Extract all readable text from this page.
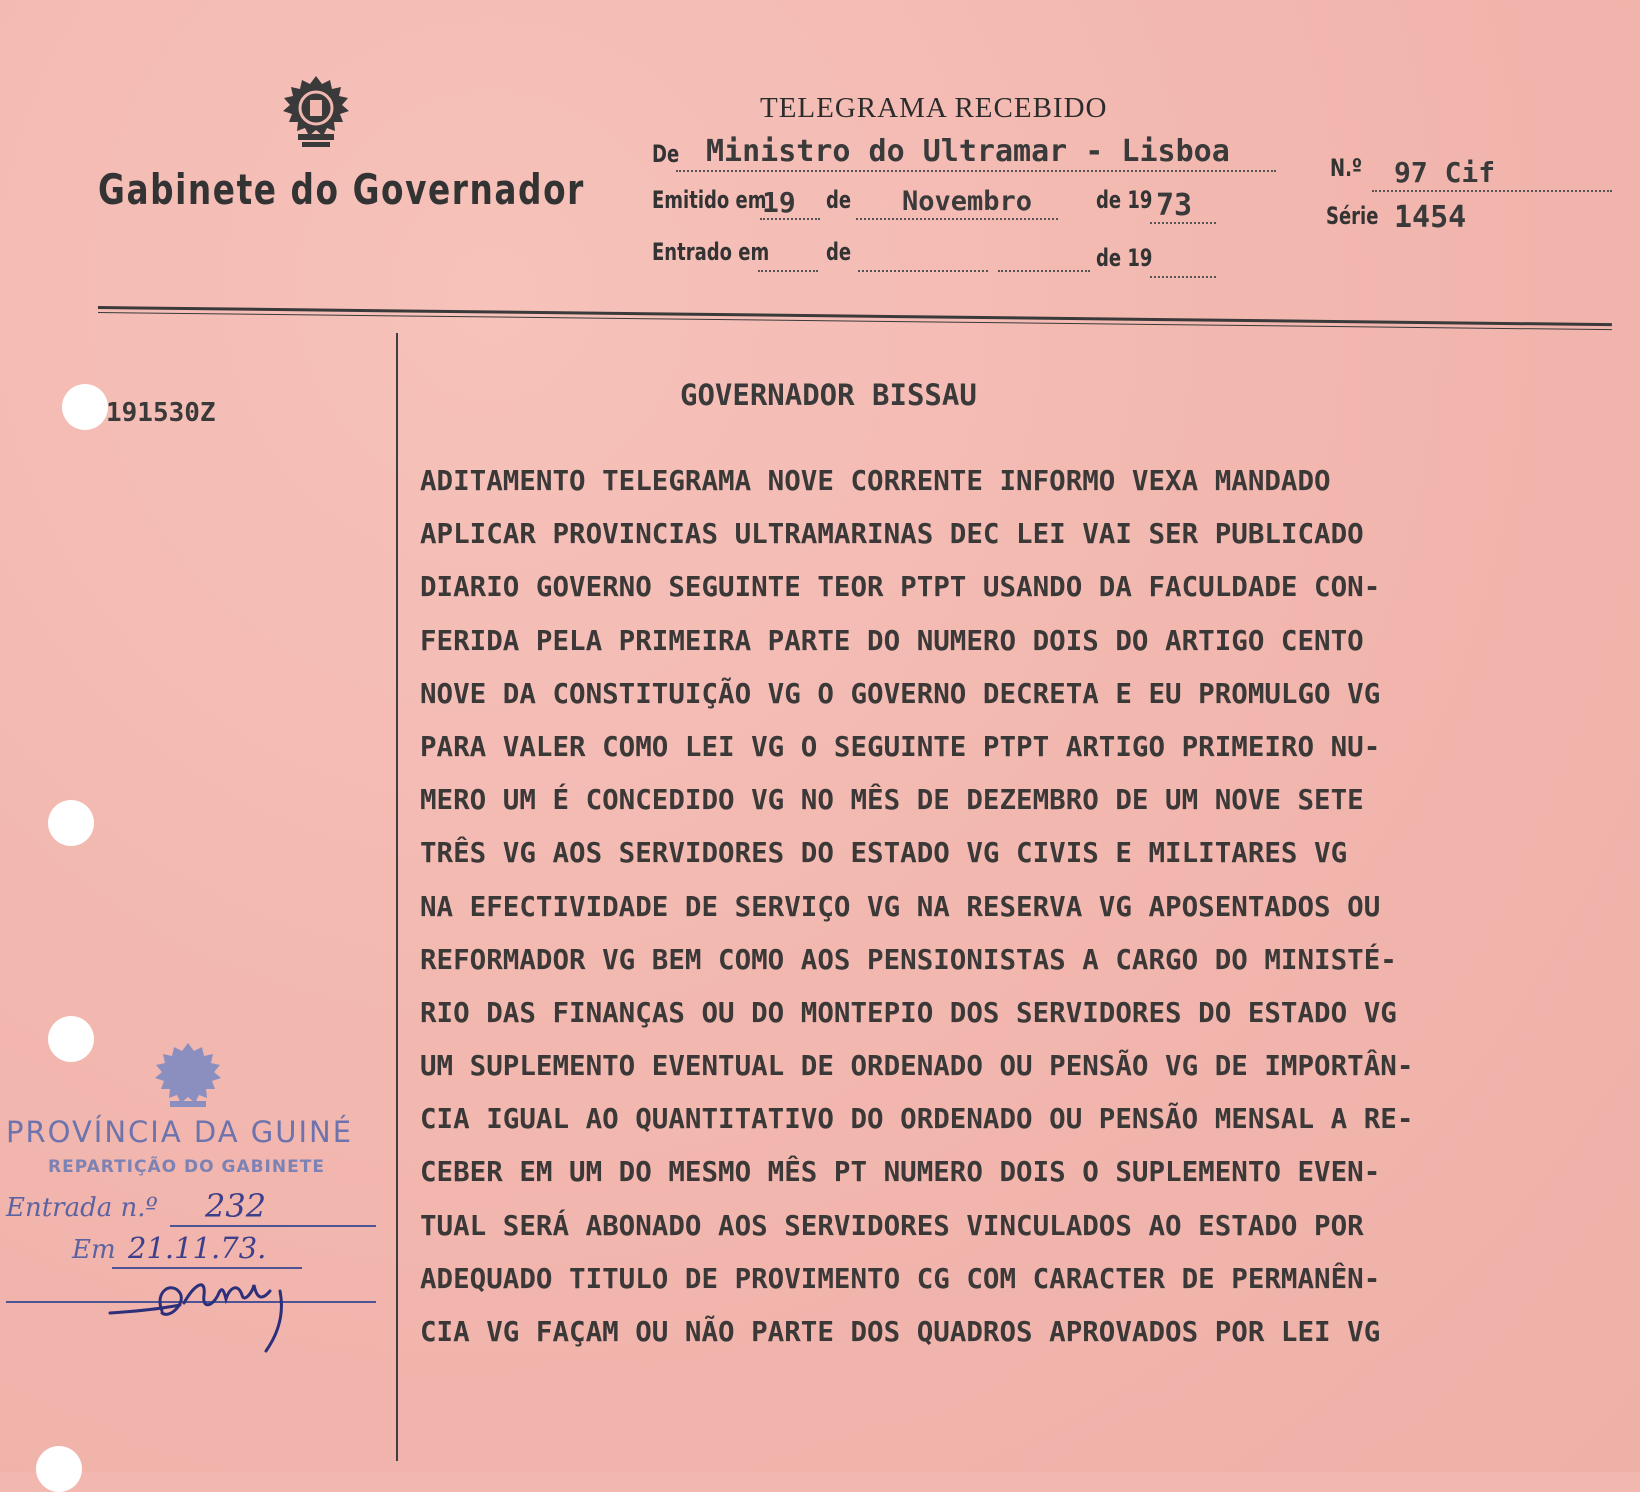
Gabinete do Governador
TELEGRAMA RECEBIDO
De Ministro do Ultramar - Lisboa	N.º 97 Cif
Emitido em
19 de Novembro	de 19 73	Série 1454
Entrado em de	de 19
191530Z
GOVERNADOR BISSAU
ADITAMENTO TELEGRAMA NOVE CORRENTE INFORMO VEXA MANDADO
APLICAR PROVINCIAS ULTRAMARINAS DEC LEI VAI SER PUBLICADO
DIARIO GOVERNO SEGUINTE TEOR PTPT USANDO DA FACULDADE CON-
FERIDA PELA PRIMEIRA PARTE DO NUMERO DOIS DO ARTIGO CENTO
NOVE DA CONSTITUIÇÃO VG O GOVERNO DECRETA E EU PROMULGO VG
PARA VALER COMO LEI VG O SEGUINTE PTPT ARTIGO PRIMEIRO NU-
MERO UM É CONCEDIDO VG NO MÊS DE DEZEMBRO DE UM NOVE SETE
TRÊS VG AOS SERVIDORES DO ESTADO VG CIVIS E MILITARES VG
NA EFECTIVIDADE DE SERVIÇO VG NA RESERVA VG APOSENTADOS OU
REFORMADOR VG BEM COMO AOS PENSIONISTAS A CARGO DO MINISTÉ-
RIO DAS FINANÇAS OU DO MONTEPIO DOS SERVIDORES DO ESTADO VG
UM SUPLEMENTO EVENTUAL DE ORDENADO OU PENSÃO VG DE IMPORTÂN-
CIA IGUAL AO QUANTITATIVO DO ORDENADO OU PENSÃO MENSAL A RE-
CEBER EM UM DO MESMO MÊS PT NUMERO DOIS O SUPLEMENTO EVEN-
TUAL SERÁ ABONADO AOS SERVIDORES VINCULADOS AO ESTADO POR
ADEQUADO TITULO DE PROVIMENTO CG COM CARACTER DE PERMANÊN-
CIA VG FAÇAM OU NÃO PARTE DOS QUADROS APROVADOS POR LEI VG
PROVÍNCIA DA GUINÉ
REPARTIÇÃO DO GABINETE
Entrada n.º 232
Em 21.11.73.
